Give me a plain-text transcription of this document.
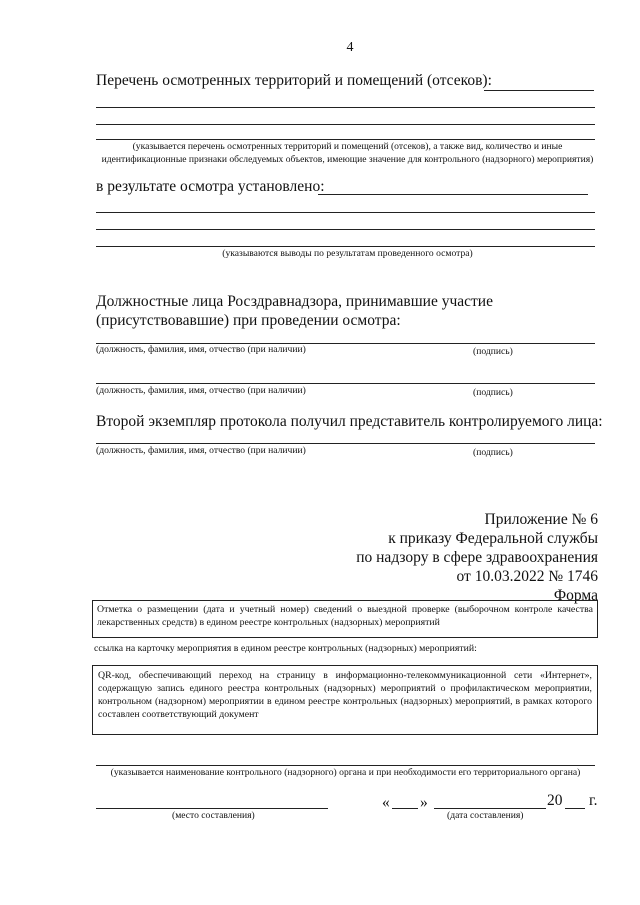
4
Перечень осмотренных территорий и помещений (отсеков):
(указывается перечень осмотренных территорий и помещений (отсеков), а также вид, количество и иные идентификационные признаки обследуемых объектов, имеющие значение для контрольного (надзорного) мероприятия)
в результате осмотра установлено:
(указываются выводы по результатам проведенного осмотра)
Должностные лица Росздравнадзора, принимавшие участие
(присутствовавшие) при проведении осмотра:
(должность, фамилия, имя, отчество (при наличии)	(подпись)
(должность, фамилия, имя, отчество (при наличии)	(подпись)
Второй экземпляр протокола получил представитель контролируемого лица:
(должность, фамилия, имя, отчество (при наличии)	(подпись)
Приложение № 6
к приказу Федеральной службы
по надзору в сфере здравоохранения
от 10.03.2022 № 1746
Форма
Отметка о размещении (дата и учетный номер) сведений о выездной проверке (выборочном контроле качества лекарственных средств) в едином реестре контрольных (надзорных) мероприятий
ссылка на карточку мероприятия в едином реестре контрольных (надзорных) мероприятий:
QR-код, обеспечивающий переход на страницу в информационно-телекоммуникационной сети «Интернет», содержащую запись единого реестра контрольных (надзорных) мероприятий о профилактическом мероприятии, контрольном (надзорном) мероприятии в едином реестре контрольных (надзорных) мероприятий, в рамках которого составлен соответствующий документ
(указывается наименование контрольного (надзорного) органа и при необходимости его территориального органа)
(место составления)
« »	20 г.
(дата составления)
